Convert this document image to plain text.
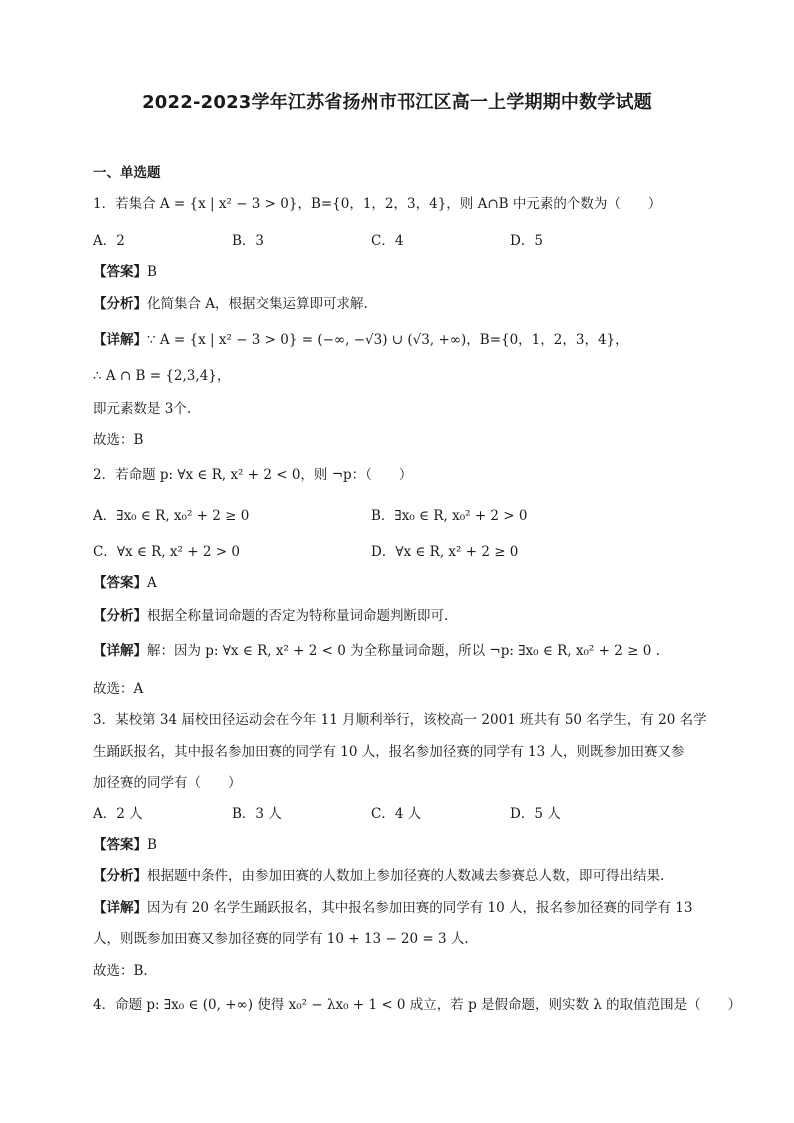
2022-2023学年江苏省扬州市邗江区高一上学期期中数学试题
一、单选题
1．若集合 A = {x | x² − 3 > 0}，B={0，1，2，3，4}，则 A∩B 中元素的个数为（　　）
A．2	B．3	C．4	D．5
【答案】B
【分析】化简集合 A，根据交集运算即可求解.
【详解】∵ A = {x | x² − 3 > 0} = (−∞, −√3) ∪ (√3, +∞)，B={0，1，2，3，4}，
∴ A ∩ B = {2,3,4}，
即元素数是 3个.
故选：B
2．若命题 p: ∀x ∈ R, x² + 2 < 0，则 ¬p：（　　）
A．∃x₀ ∈ R, x₀² + 2 ≥ 0	B．∃x₀ ∈ R, x₀² + 2 > 0
C．∀x ∈ R, x² + 2 > 0	D．∀x ∈ R, x² + 2 ≥ 0
【答案】A
【分析】根据全称量词命题的否定为特称量词命题判断即可.
【详解】解：因为 p: ∀x ∈ R, x² + 2 < 0 为全称量词命题，所以 ¬p: ∃x₀ ∈ R, x₀² + 2 ≥ 0 .
故选：A
3．某校第 34 届校田径运动会在今年 11 月顺利举行，该校高一 2001 班共有 50 名学生，有 20 名学
生踊跃报名，其中报名参加田赛的同学有 10 人，报名参加径赛的同学有 13 人，则既参加田赛又参
加径赛的同学有（　　）
A．2 人	B．3 人	C．4 人	D．5 人
【答案】B
【分析】根据题中条件，由参加田赛的人数加上参加径赛的人数减去参赛总人数，即可得出结果.
【详解】因为有 20 名学生踊跃报名，其中报名参加田赛的同学有 10 人，报名参加径赛的同学有 13
人，则既参加田赛又参加径赛的同学有 10 + 13 − 20 = 3 人.
故选：B.
4．命题 p: ∃x₀ ∈ (0, +∞) 使得 x₀² − λx₀ + 1 < 0 成立，若 p 是假命题，则实数 λ 的取值范围是（　　）
